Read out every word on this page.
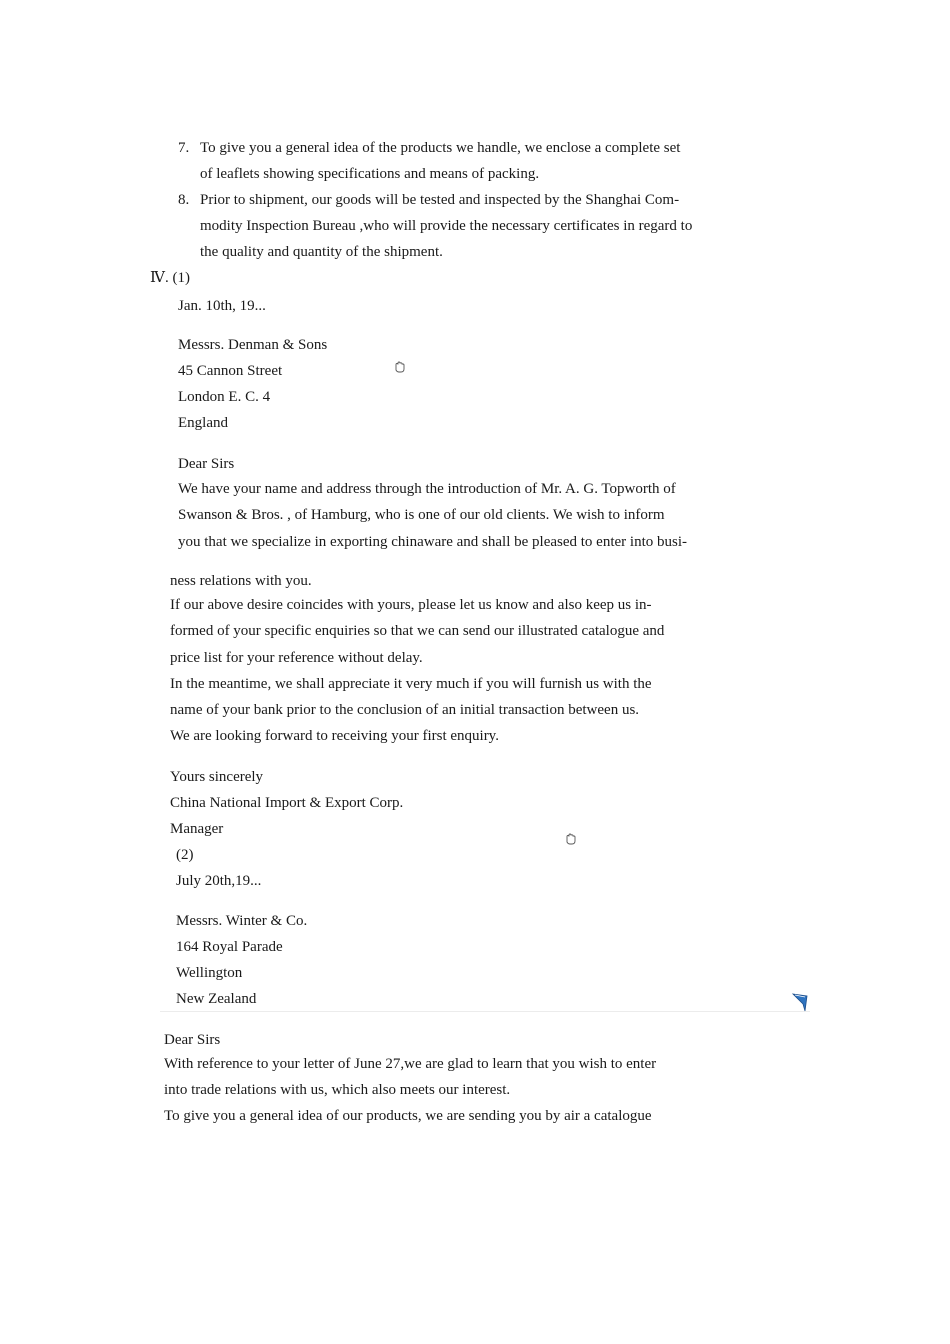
7. To give you a general idea of the products we handle, we enclose a complete set
of leaflets showing specifications and means of packing.
8. Prior to shipment, our goods will be tested and inspected by the Shanghai Com-
modity Inspection Bureau ,who will provide the necessary certificates in regard to
the quality and quantity of the shipment.
Ⅳ. (1)
Jan. 10th, 19...
Messrs. Denman & Sons
45 Cannon Street
London E. C. 4
England
Dear Sirs
We have your name and address through the introduction of Mr. A. G. Topworth of
Swanson & Bros. , of Hamburg, who is one of our old clients. We wish to inform
you that we specialize in exporting chinaware and shall be pleased to enter into busi-
ness relations with you.
If our above desire coincides with yours, please let us know and also keep us in-
formed of your specific enquiries so that we can send our illustrated catalogue and
price list for your reference without delay.
In the meantime, we shall appreciate it very much if you will furnish us with the
name of your bank prior to the conclusion of an initial transaction between us.
We are looking forward to receiving your first enquiry.
Yours sincerely
China National Import & Export Corp.
Manager
(2)
July 20th,19...
Messrs. Winter & Co.
164 Royal Parade
Wellington
New Zealand
Dear Sirs
With reference to your letter of June 27,we are glad to learn that you wish to enter
into trade relations with us, which also meets our interest.
To give you a general idea of our products, we are sending you by air a catalogue
